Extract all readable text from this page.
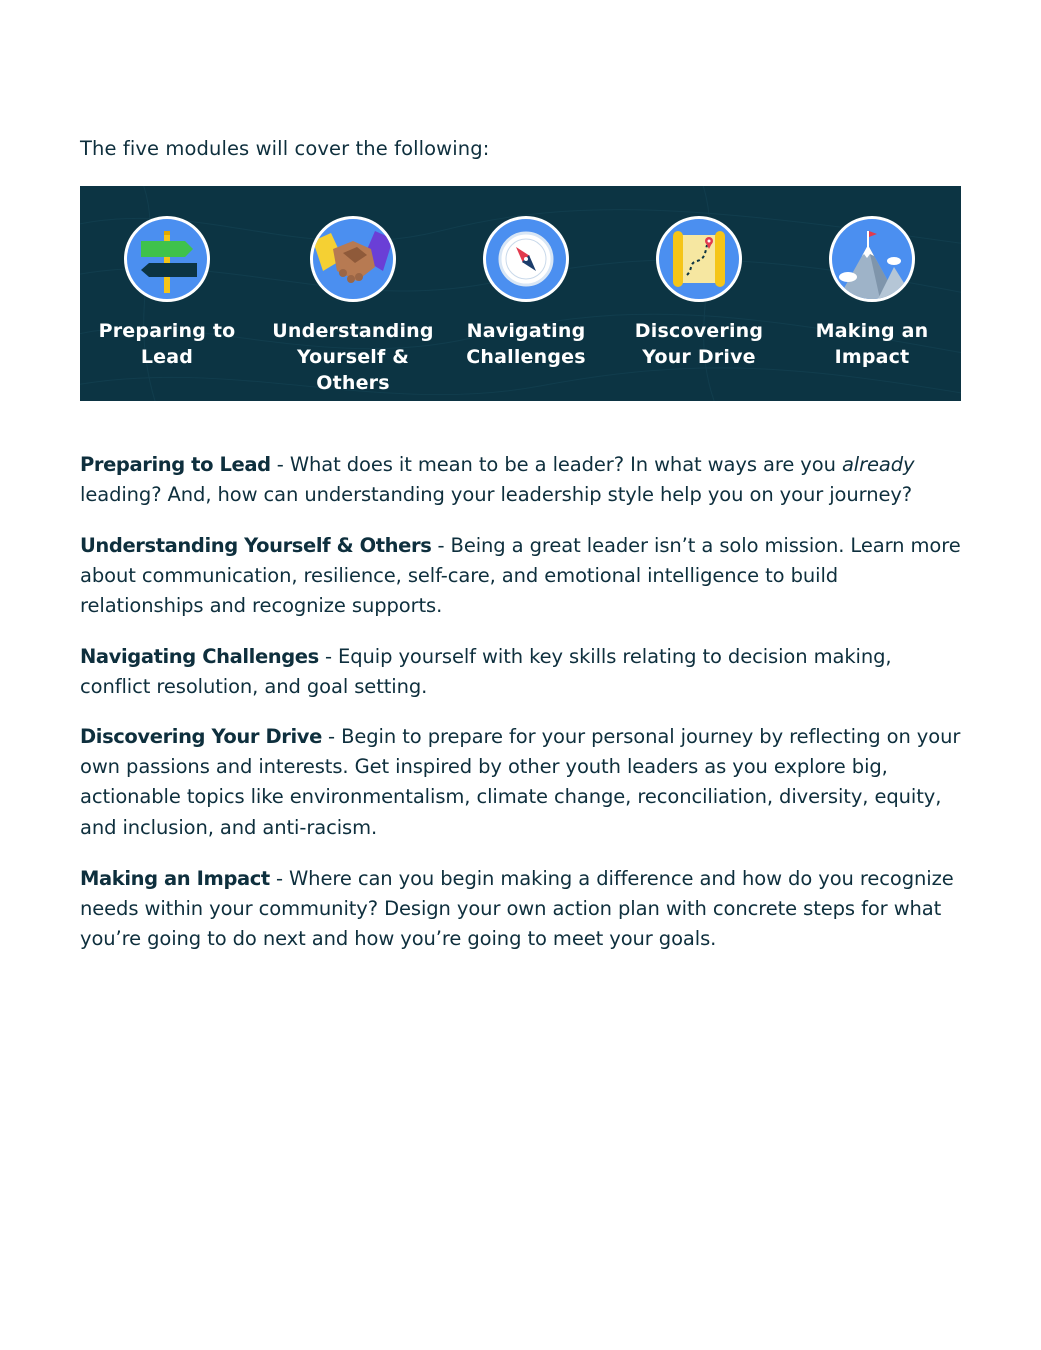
The five modules will cover the following:

Preparing to
Lead
Understanding
Yourself & Others
Navigating
Challenges
Discovering
Your Drive
Making an
Impact

Preparing to Lead - What does it mean to be a leader? In what ways are you already leading? And, how can understanding your leadership style help you on your journey?

Understanding Yourself & Others - Being a great leader isn’t a solo mission. Learn more about communication, resilience, self-care, and emotional intelligence to build relationships and recognize supports.

Navigating Challenges - Equip yourself with key skills relating to decision making, conflict resolution, and goal setting.

Discovering Your Drive - Begin to prepare for your personal journey by reflecting on your own passions and interests. Get inspired by other youth leaders as you explore big, actionable topics like environmentalism, climate change, reconciliation, diversity, equity, and inclusion, and anti-racism.

Making an Impact - Where can you begin making a difference and how do you recognize needs within your community? Design your own action plan with concrete steps for what you’re going to do next and how you’re going to meet your goals.
